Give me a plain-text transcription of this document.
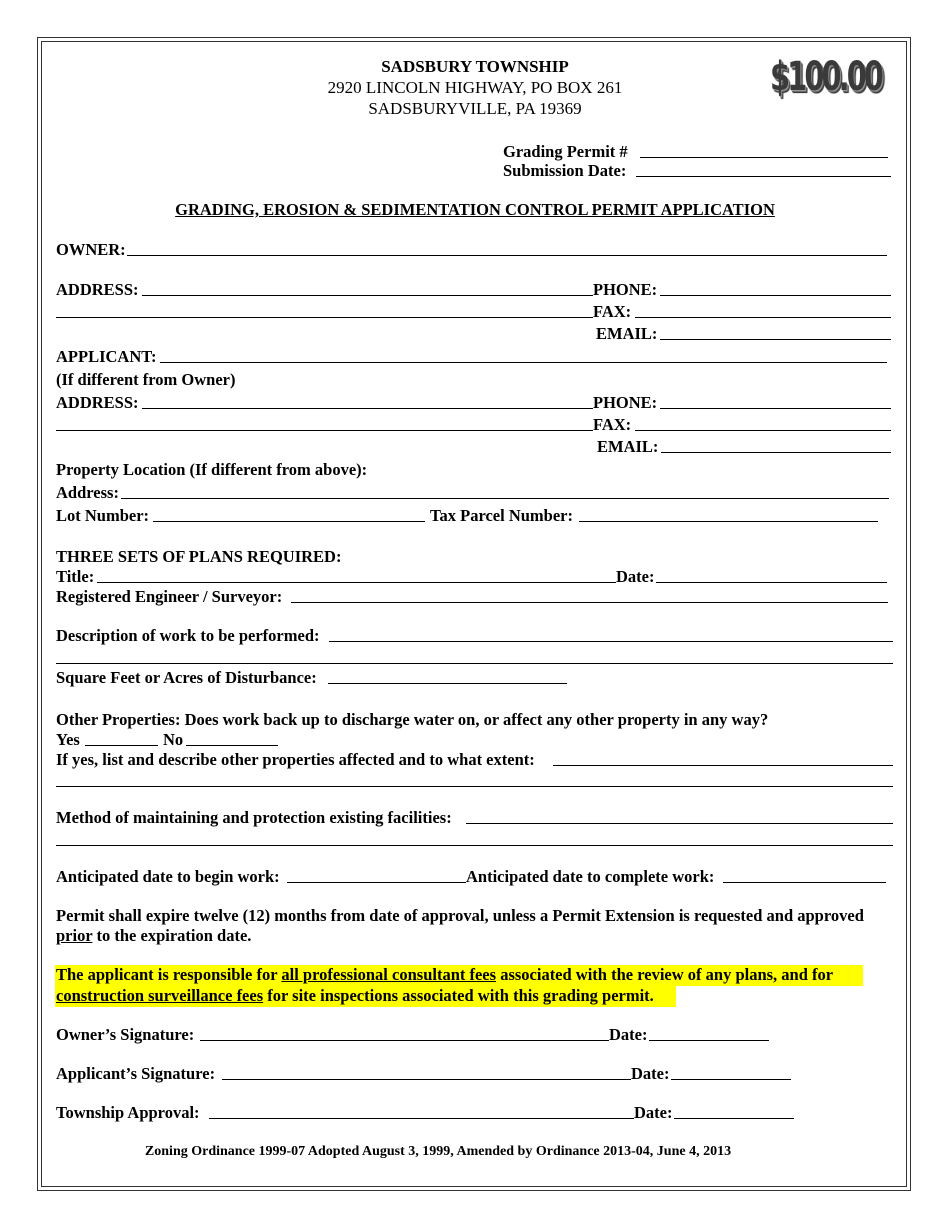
SADSBURY TOWNSHIP
2920 LINCOLN HIGHWAY, PO BOX 261
SADSBURYVILLE, PA 19369
$100.00
Grading Permit #
Submission Date:
GRADING, EROSION & SEDIMENTATION CONTROL PERMIT APPLICATION
OWNER:
ADDRESS:	PHONE:
FAX:
EMAIL:
APPLICANT:
(If different from Owner)
ADDRESS:	PHONE:
FAX:
EMAIL:
Property Location (If different from above):
Address:
Lot Number:	Tax Parcel Number:
THREE SETS OF PLANS REQUIRED:
Title:	Date:
Registered Engineer / Surveyor:
Description of work to be performed:
Square Feet or Acres of Disturbance:
Other Properties: Does work back up to discharge water on, or affect any other property in any way?
Yes	No
If yes, list and describe other properties affected and to what extent:
Method of maintaining and protection existing facilities:
Anticipated date to begin work:	Anticipated date to complete work:
Permit shall expire twelve (12) months from date of approval, unless a Permit Extension is requested and approved
prior to the expiration date.
The applicant is responsible for all professional consultant fees associated with the review of any plans, and for
construction surveillance fees for site inspections associated with this grading permit.
Owner’s Signature:	Date:
Applicant’s Signature:	Date:
Township Approval:	Date:
Zoning Ordinance 1999-07 Adopted August 3, 1999, Amended by Ordinance 2013-04, June 4, 2013
